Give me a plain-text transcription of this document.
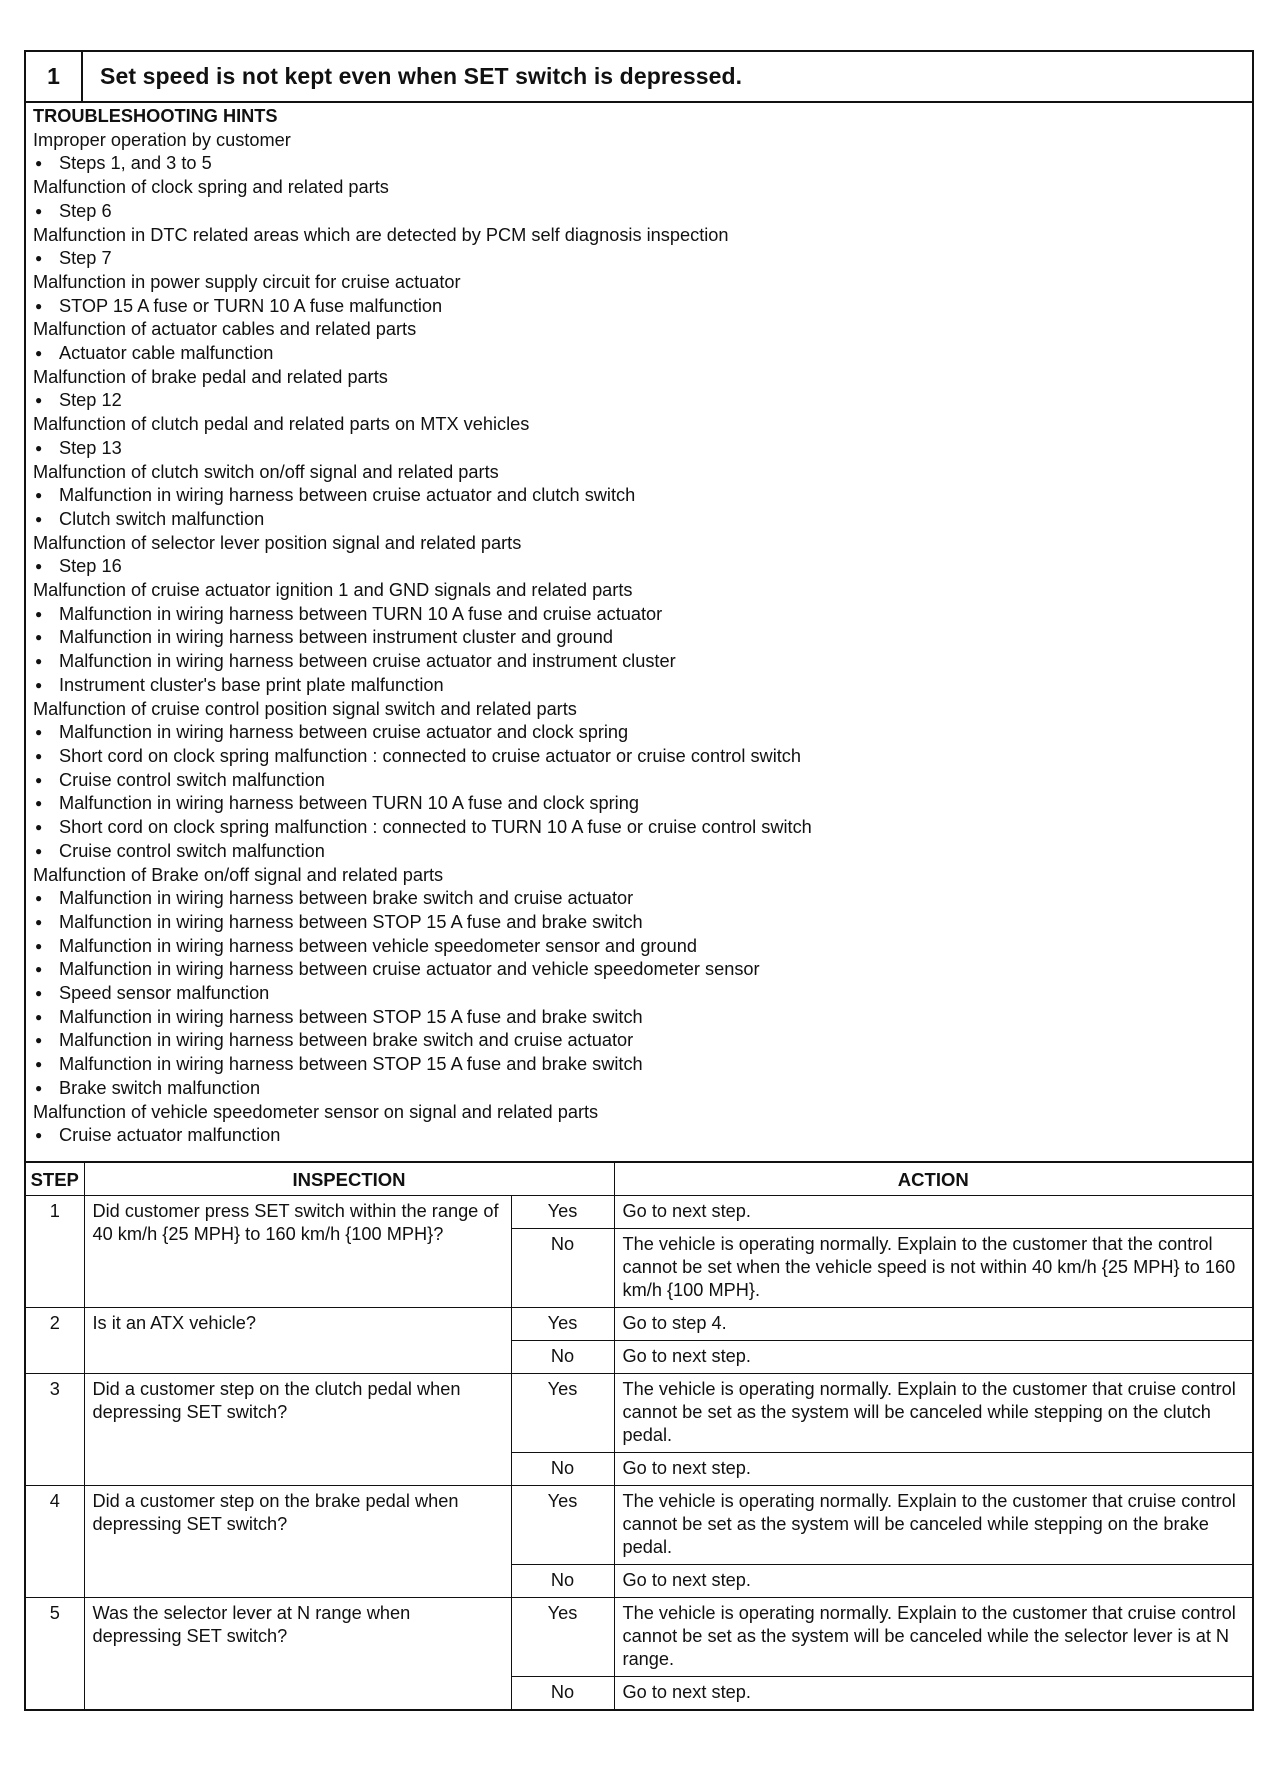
1	Set speed is not kept even when SET switch is depressed.
TROUBLESHOOTING HINTS
Improper operation by customer
● Steps 1, and 3 to 5
Malfunction of clock spring and related parts
● Step 6
Malfunction in DTC related areas which are detected by PCM self diagnosis inspection
● Step 7
Malfunction in power supply circuit for cruise actuator
● STOP 15 A fuse or TURN 10 A fuse malfunction
Malfunction of actuator cables and related parts
● Actuator cable malfunction
Malfunction of brake pedal and related parts
● Step 12
Malfunction of clutch pedal and related parts on MTX vehicles
● Step 13
Malfunction of clutch switch on/off signal and related parts
● Malfunction in wiring harness between cruise actuator and clutch switch
● Clutch switch malfunction
Malfunction of selector lever position signal and related parts
● Step 16
Malfunction of cruise actuator ignition 1 and GND signals and related parts
● Malfunction in wiring harness between TURN 10 A fuse and cruise actuator
● Malfunction in wiring harness between instrument cluster and ground
● Malfunction in wiring harness between cruise actuator and instrument cluster
● Instrument cluster's base print plate malfunction
Malfunction of cruise control position signal switch and related parts
● Malfunction in wiring harness between cruise actuator and clock spring
● Short cord on clock spring malfunction : connected to cruise actuator or cruise control switch
● Cruise control switch malfunction
● Malfunction in wiring harness between TURN 10 A fuse and clock spring
● Short cord on clock spring malfunction : connected to TURN 10 A fuse or cruise control switch
● Cruise control switch malfunction
Malfunction of Brake on/off signal and related parts
● Malfunction in wiring harness between brake switch and cruise actuator
● Malfunction in wiring harness between STOP 15 A fuse and brake switch
● Malfunction in wiring harness between vehicle speedometer sensor and ground
● Malfunction in wiring harness between cruise actuator and vehicle speedometer sensor
● Speed sensor malfunction
● Malfunction in wiring harness between STOP 15 A fuse and brake switch
● Malfunction in wiring harness between brake switch and cruise actuator
● Malfunction in wiring harness between STOP 15 A fuse and brake switch
● Brake switch malfunction
Malfunction of vehicle speedometer sensor on signal and related parts
● Cruise actuator malfunction
STEP	INSPECTION		ACTION
1	Did customer press SET switch within the range of 40 km/h {25 MPH} to 160 km/h {100 MPH}?	Yes	Go to next step.
		No	The vehicle is operating normally. Explain to the customer that the control cannot be set when the vehicle speed is not within 40 km/h {25 MPH} to 160 km/h {100 MPH}.
2	Is it an ATX vehicle?	Yes	Go to step 4.
		No	Go to next step.
3	Did a customer step on the clutch pedal when depressing SET switch?	Yes	The vehicle is operating normally. Explain to the customer that cruise control cannot be set as the system will be canceled while stepping on the clutch pedal.
		No	Go to next step.
4	Did a customer step on the brake pedal when depressing SET switch?	Yes	The vehicle is operating normally. Explain to the customer that cruise control cannot be set as the system will be canceled while stepping on the brake pedal.
		No	Go to next step.
5	Was the selector lever at N range when depressing SET switch?	Yes	The vehicle is operating normally. Explain to the customer that cruise control cannot be set as the system will be canceled while the selector lever is at N range.
		No	Go to next step.
